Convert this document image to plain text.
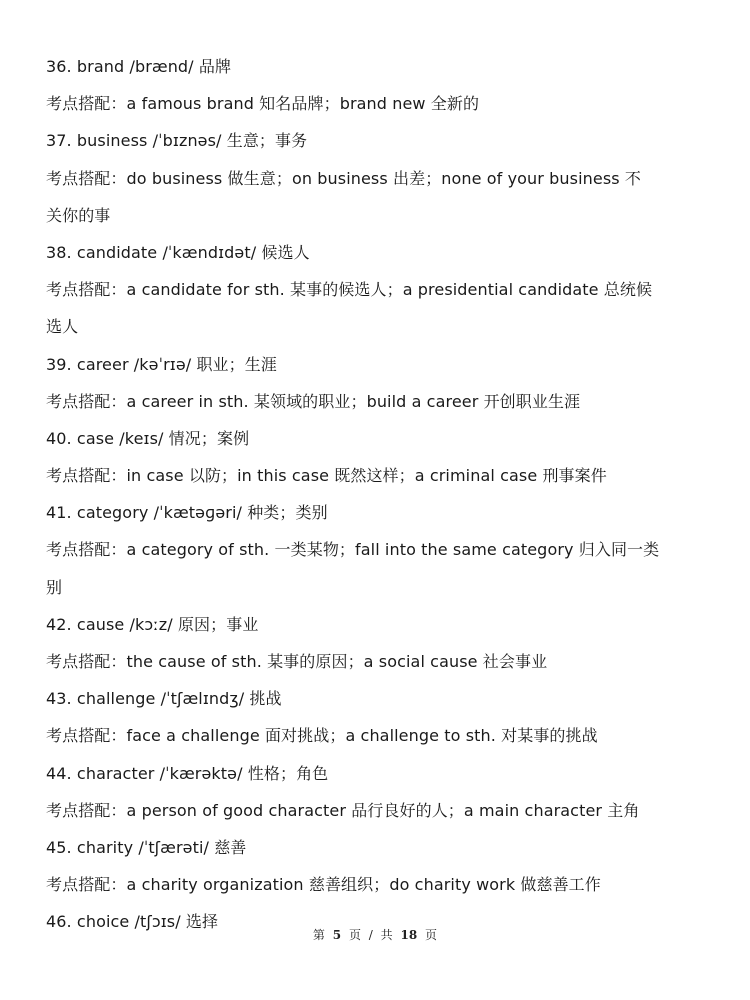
36. brand /brænd/ 品牌
考点搭配：a famous brand 知名品牌；brand new 全新的
37. business /ˈbɪznəs/ 生意；事务
考点搭配：do business 做生意；on business 出差；none of your business 不
关你的事
38. candidate /ˈkændɪdət/ 候选人
考点搭配：a candidate for sth. 某事的候选人；a presidential candidate 总统候
选人
39. career /kəˈrɪə/ 职业；生涯
考点搭配：a career in sth. 某领域的职业；build a career 开创职业生涯
40. case /keɪs/ 情况；案例
考点搭配：in case 以防；in this case 既然这样；a criminal case 刑事案件
41. category /ˈkætəɡəri/ 种类；类别
考点搭配：a category of sth. 一类某物；fall into the same category 归入同一类
别
42. cause /kɔːz/ 原因；事业
考点搭配：the cause of sth. 某事的原因；a social cause 社会事业
43. challenge /ˈtʃælɪndʒ/ 挑战
考点搭配：face a challenge 面对挑战；a challenge to sth. 对某事的挑战
44. character /ˈkærəktə/ 性格；角色
考点搭配：a person of good character 品行良好的人；a main character 主角
45. charity /ˈtʃærəti/ 慈善
考点搭配：a charity organization 慈善组织；do charity work 做慈善工作
46. choice /tʃɔɪs/ 选择
第 5 页 / 共 18 页
